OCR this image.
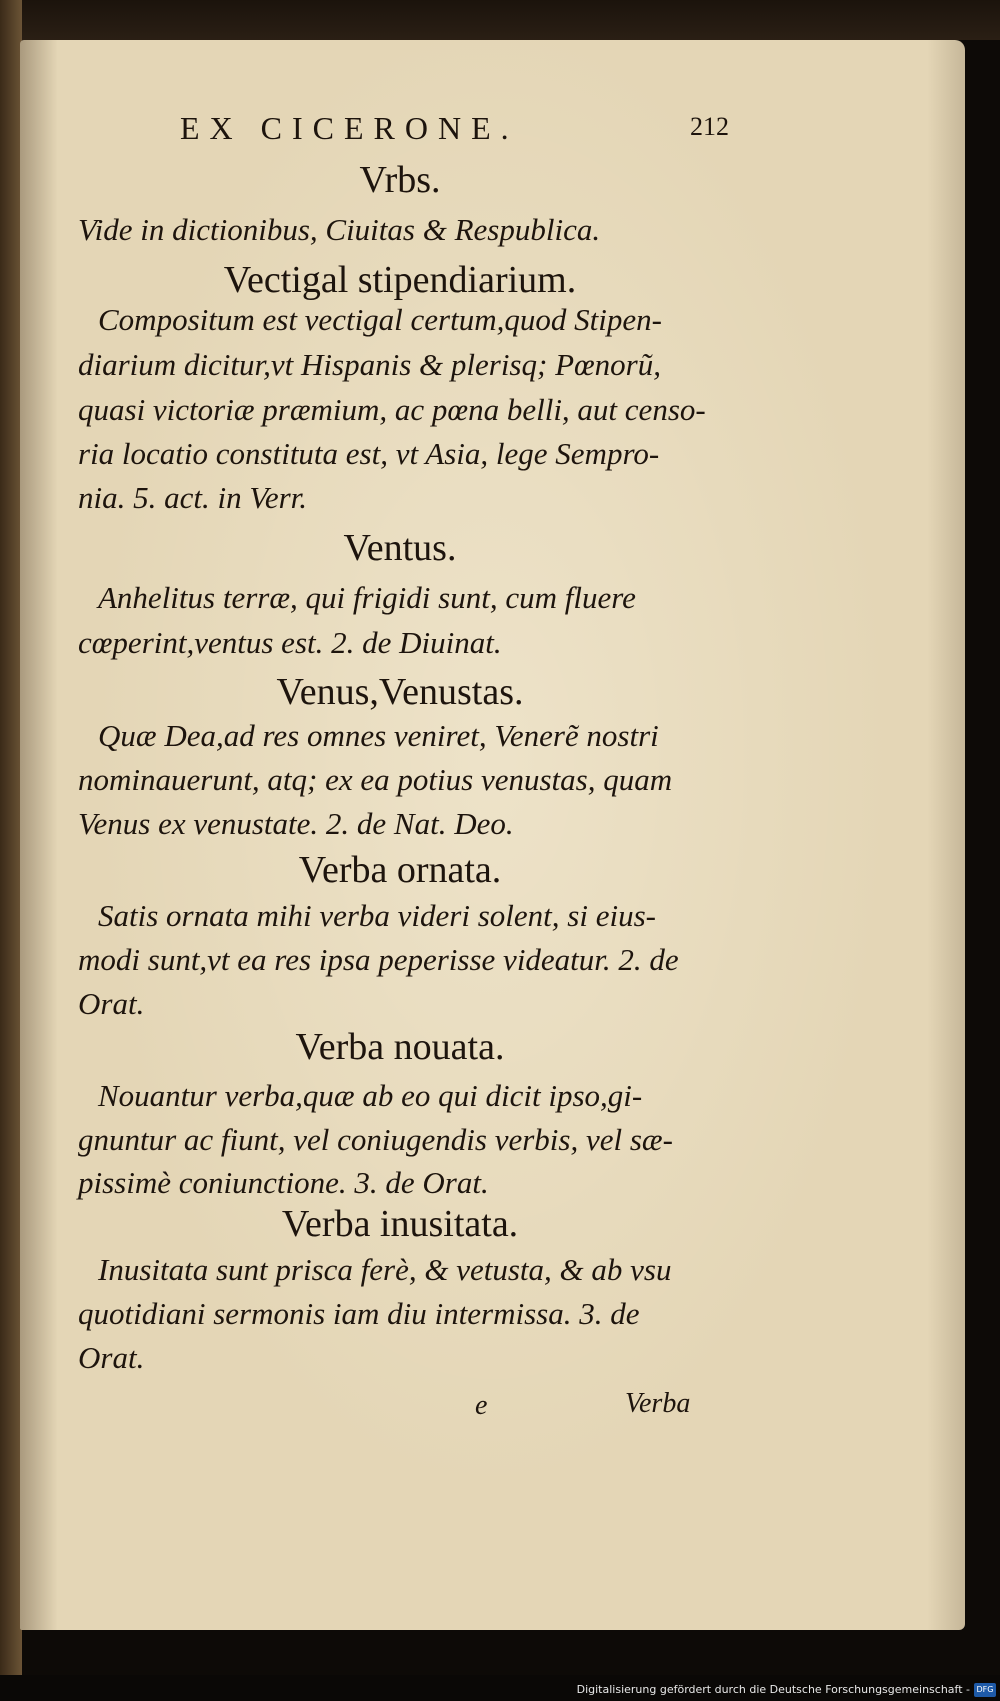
EX CICERONE.	212
Vrbs.
Vide in dictionibus, Ciuitas & Respublica.
Vectigal stipendiarium.
Compositum est vectigal certum,quod Stipen-
diarium dicitur,vt Hispanis & plerisq; Pœnorũ,
quasi victoriæ præmium, ac pœna belli, aut censo-
ria locatio constituta est, vt Asia, lege Sempro-
nia. 5. act. in Verr.
Ventus.
Anhelitus terræ, qui frigidi sunt, cum fluere
cœperint,ventus est. 2. de Diuinat.
Venus,Venustas.
Quæ Dea,ad res omnes veniret, Venerẽ nostri
nominauerunt, atq; ex ea potius venustas, quam
Venus ex venustate. 2. de Nat. Deo.
Verba ornata.
Satis ornata mihi verba videri solent, si eius-
modi sunt,vt ea res ipsa peperisse videatur. 2. de
Orat.
Verba nouata.
Nouantur verba,quæ ab eo qui dicit ipso,gi-
gnuntur ac fiunt, vel coniugendis verbis, vel sæ-
pissimè coniunctione. 3. de Orat.
Verba inusitata.
Inusitata sunt prisca ferè, & vetusta, & ab vsu
quotidiani sermonis iam diu intermissa. 3. de
Orat.
e	Verba
Digitalisierung gefördert durch die Deutsche Forschungsgemeinschaft - DFG
